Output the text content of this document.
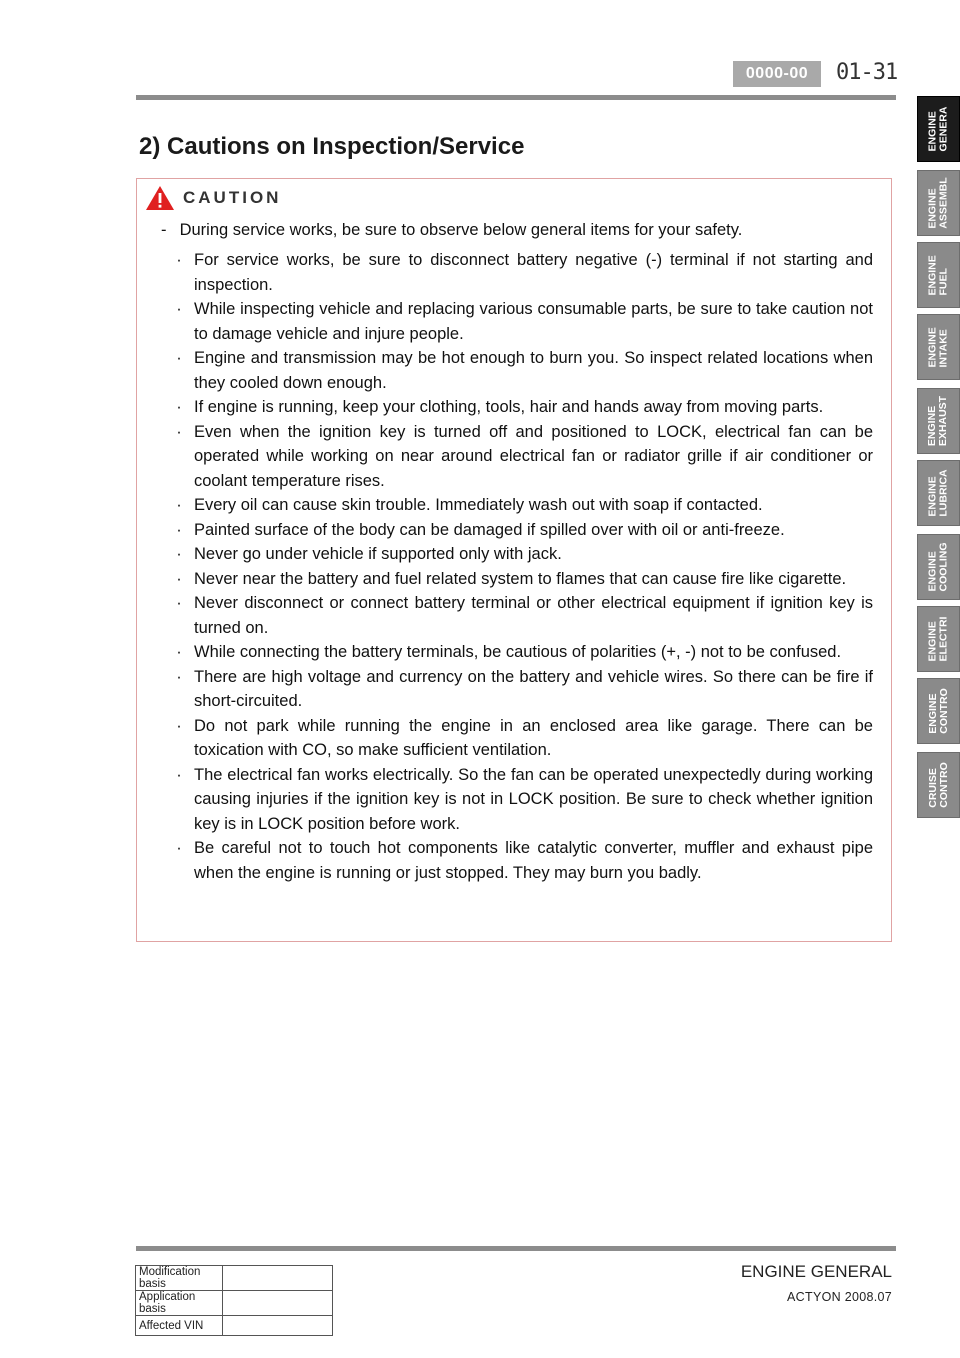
0000-00	01-31
2) Cautions on Inspection/Service
CAUTION
- During service works, be sure to observe below general items for your safety.
· For service works, be sure to disconnect battery negative (-) terminal if not starting and inspection.
· While inspecting vehicle and replacing various consumable parts, be sure to take caution not to damage vehicle and injure people.
· Engine and transmission may be hot enough to burn you. So inspect related locations when they cooled down enough.
· If engine is running, keep your clothing, tools, hair and hands away from moving parts.
· Even when the ignition key is turned off and positioned to LOCK, electrical fan can be operated while working on near around electrical fan or radiator grille if air conditioner or coolant temperature rises.
· Every oil can cause skin trouble. Immediately wash out with soap if contacted.
· Painted surface of the body can be damaged if spilled over with oil or anti-freeze.
· Never go under vehicle if supported only with jack.
· Never near the battery and fuel related system to flames that can cause fire like cigarette.
· Never disconnect or connect battery terminal or other electrical equipment if ignition key is turned on.
· While connecting the battery terminals, be cautious of polarities (+, -) not to be confused.
· There are high voltage and currency on the battery and vehicle wires. So there can be fire if short-circuited.
· Do not park while running the engine in an enclosed area like garage. There can be toxication with CO, so make sufficient ventilation.
· The electrical fan works electrically. So the fan can be operated unexpectedly during working causing injuries if the ignition key is not in LOCK position. Be sure to check whether ignition key is in LOCK position before work.
· Be careful not to touch hot components like catalytic converter, muffler and exhaust pipe when the engine is running or just stopped. They may burn you badly.
ENGINE GENERA
ENGINE ASSEMBL
ENGINE FUEL
ENGINE INTAKE
ENGINE EXHAUST
ENGINE LUBRICA
ENGINE COOLING
ENGINE ELECTRI
ENGINE CONTRO
CRUISE CONTRO
ENGINE GENERAL
ACTYON 2008.07
Modification basis	
Application basis	
Affected VIN	
